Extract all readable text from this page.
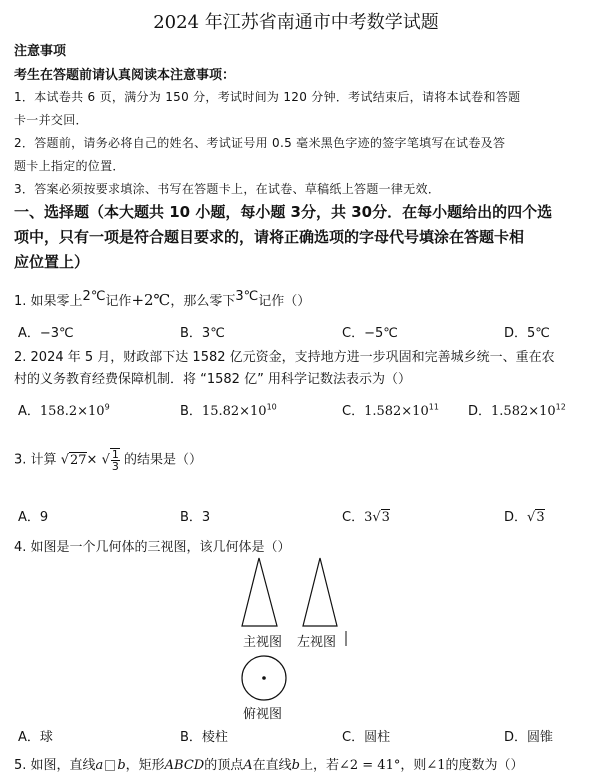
2024 年江苏省南通市中考数学试题
注意事项
考生在答题前请认真阅读本注意事项：
1．本试卷共 6 页，满分为 150 分，考试时间为 120 分钟．考试结束后，请将本试卷和答题
卡一并交回．
2．答题前，请务必将自己的姓名、考试证号用 0.5 毫米黑色字迹的签字笔填写在试卷及答
题卡上指定的位置．
3．答案必须按要求填涂、书写在答题卡上，在试卷、草稿纸上答题一律无效．
一、选择题（本大题共 10 小题，每小题 3分，共 30分．在每小题给出的四个选
项中，只有一项是符合题目要求的，请将正确选项的字母代号填涂在答题卡相
应位置上）
1. 如果零上2℃记作+2℃，那么零下3℃记作（）
A．−3℃	B．3℃	C．−5℃	D．5℃
2. 2024 年 5 月，财政部下达 1582 亿元资金，支持地方进一步巩固和完善城乡统一、重在农
村的义务教育经费保障机制．将 “1582 亿” 用科学记数法表示为（）
A．$158.2\times 10^9$	B．$15.82\times 10^{10}$	C．$1.582\times 10^{11}$ D．$1.582\times 10^{12}$
3. 计算 √27× √ $\frac{1}{3}$ 的结果是（）
A．9	B．3	C．3√3	D．√3
4. 如图是一个几何体的三视图，该几何体是（）
主视图 左视图
俯视图
A．球	B．棱柱	C．圆柱	D．圆锥
5. 如图，直线a b，矩形ABCD的顶点A在直线b上，若∠2 = 41°，则∠1的度数为（）
